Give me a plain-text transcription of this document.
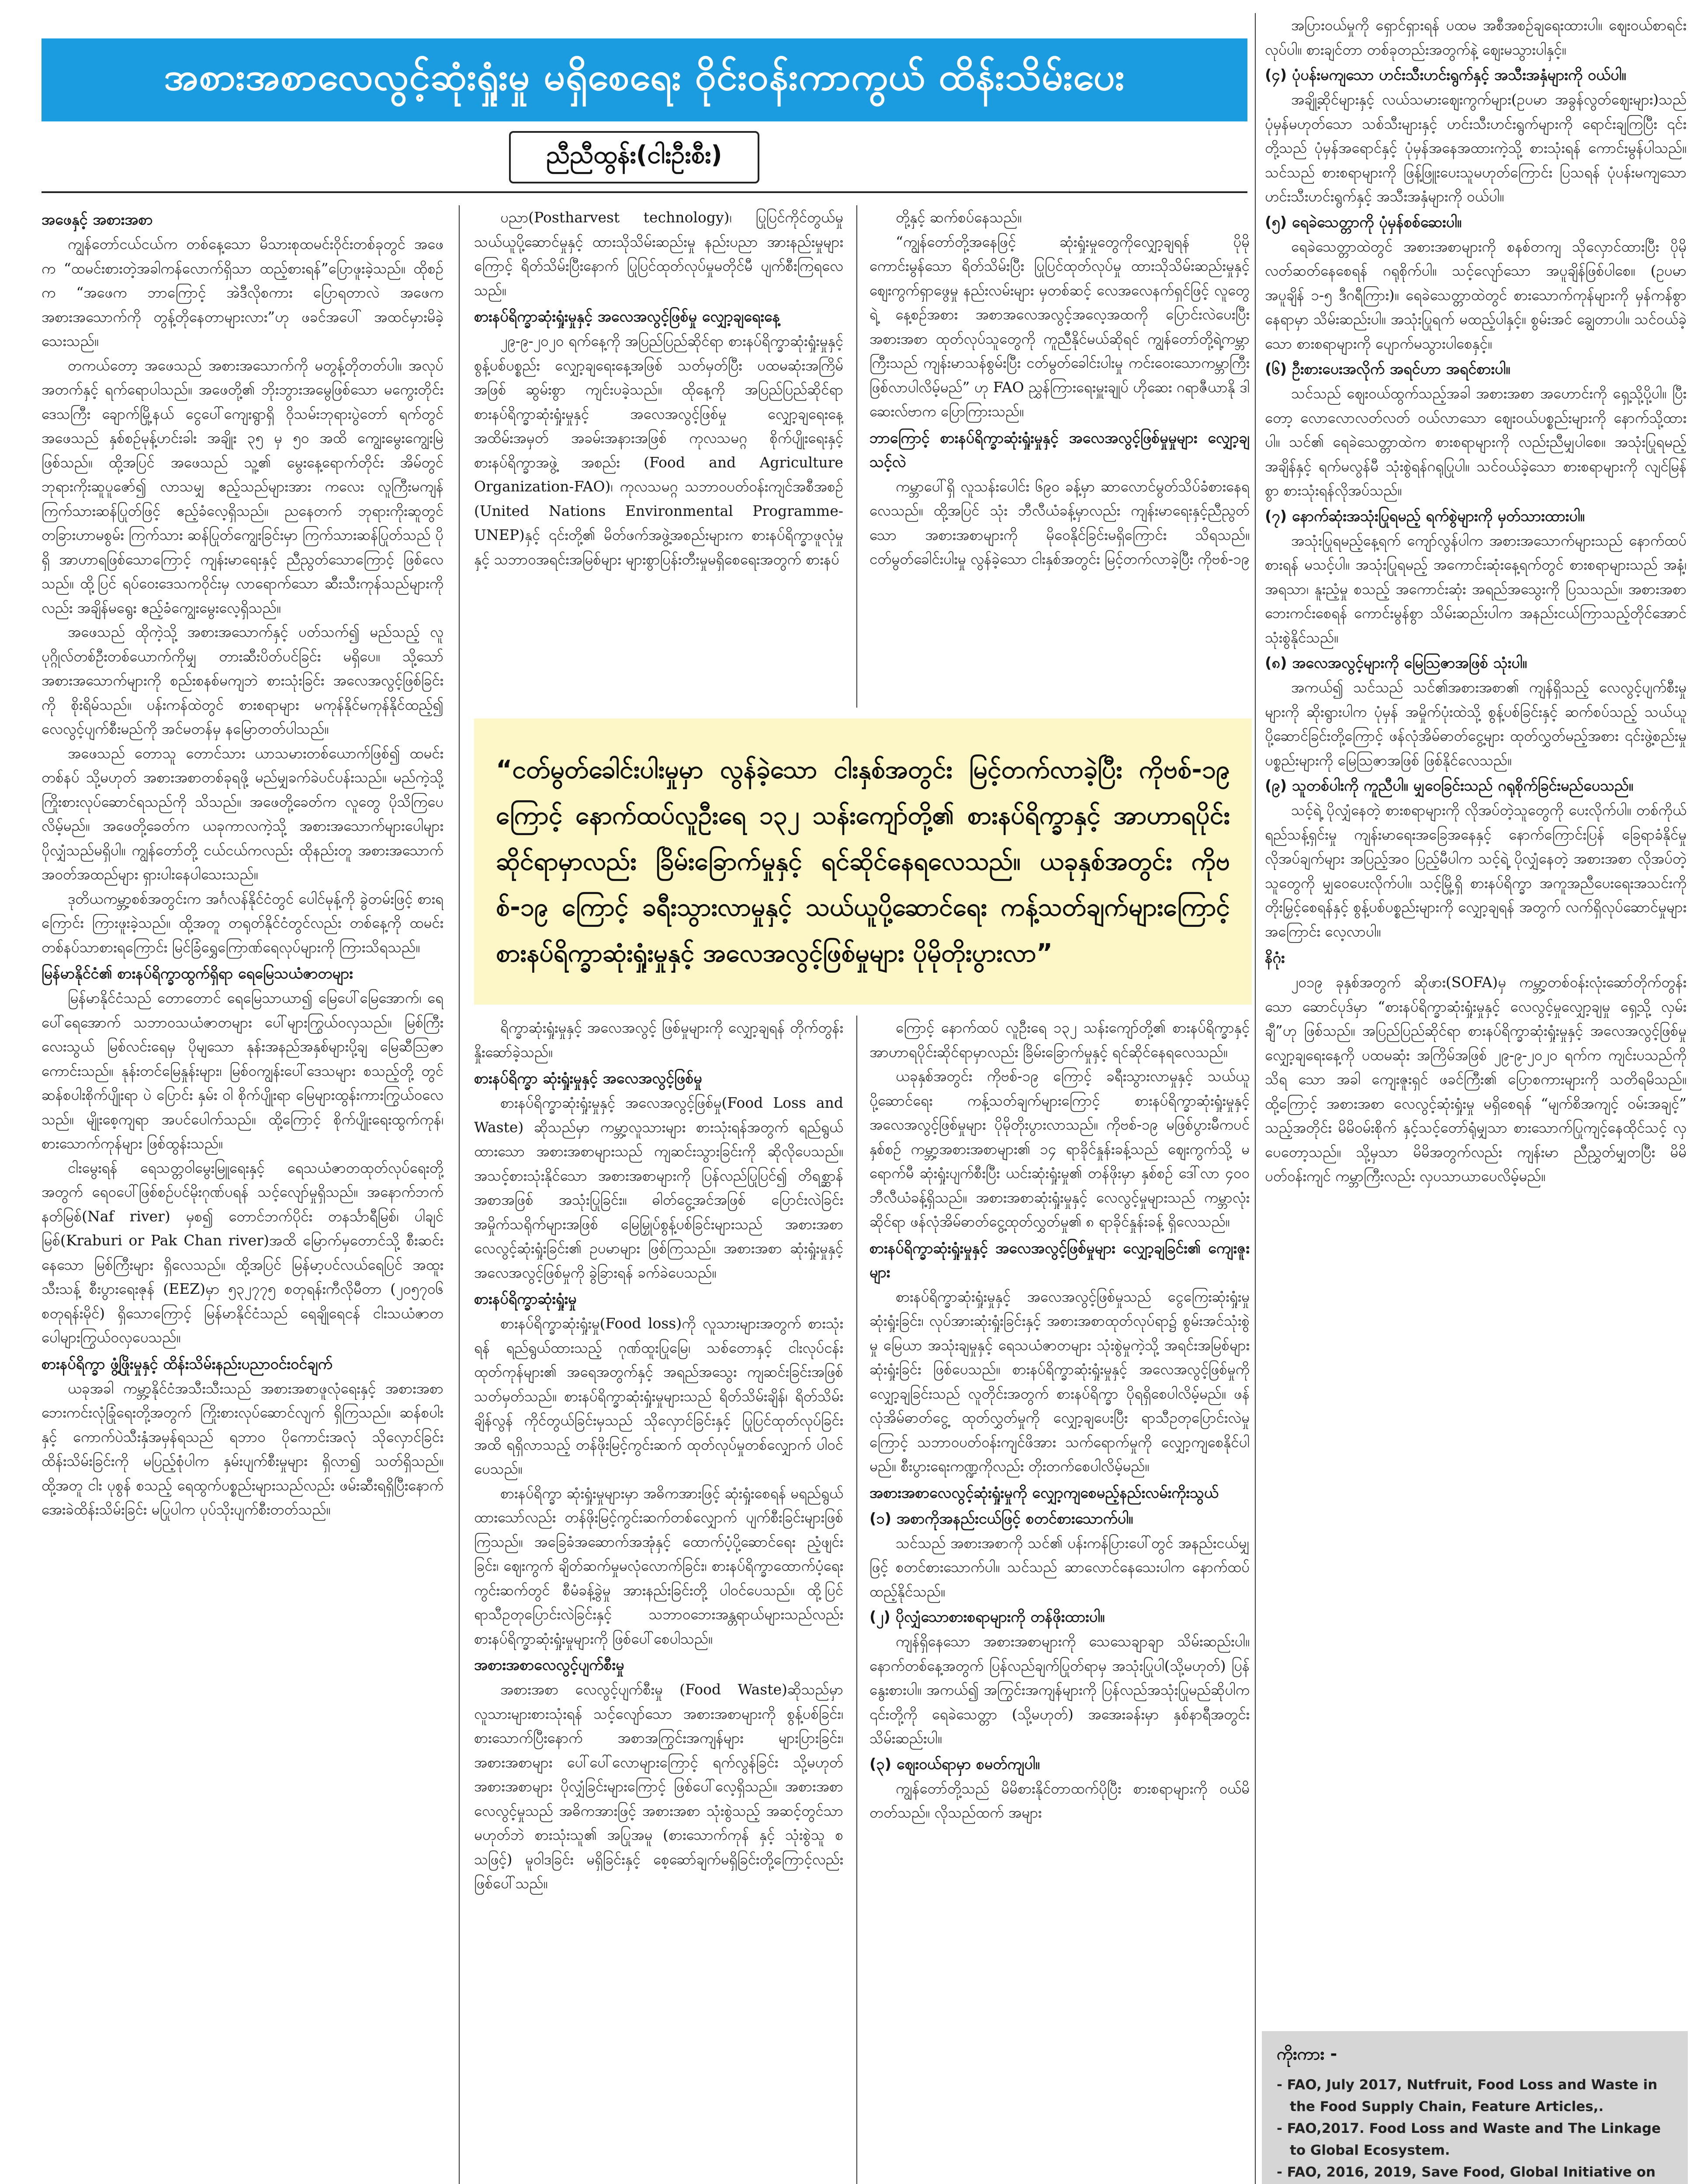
အစားအစာလေလွင့်ဆုံးရှုံးမှု မရှိစေရေး ဝိုင်းဝန်းကာကွယ် ထိန်းသိမ်းပေး
ညီညီထွန်း(ငါးဦးစီး)
အဖေနှင့် အစားအစာ

ကျွန်တော်ငယ်ငယ်က တစ်နေ့သော မိသားစုထမင်းဝိုင်းတစ်ခုတွင် အဖေက “ထမင်းစားတဲ့အခါကန်လောက်ရှိသာ ထည့်စားရန်”ပြောဖူးခဲ့သည်။ ထိုစဉ်က “အဖေက ဘာကြောင့် အဲဒီလိုစကား ပြောရတာလဲ အဖေက အစားအသောက်ကို တွန့်တိုနေတာများလား”ဟု ဖခင်အပေါ် အထင်မှားမိခဲ့သေးသည်။

တကယ်တော့ အဖေသည် အစားအသောက်ကို မတွန့်တိုတတ်ပါ။ အလုပ်အတက်နှင့် ရက်ရောပါသည်။ အဖေတို့၏ ဘိုးဘွားအမွေဖြစ်သော မကွေးတိုင်းဒေသကြီး ချောက်မြို့နယ် ငွေပေါ်ကျေးရွာရှိ ဝိုသမ်းဘုရားပွဲတော် ရက်တွင် အဖေသည် နှစ်စဉ်မုန့်ဟင်းခါး အချိုး ၃၅ မှ ၅၀ အထိ ကျွေးမွေးကျွေးမြဲဖြစ်သည်။ ထို့အပြင် အဖေသည် သူ့၏ မွေးနေ့ရောက်တိုင်း အိမ်တွင် ဘုရားကိုးဆူပူဇော်၍ လာသမျှ ဧည့်သည်များအား ကလေး လူကြီးမကျန် ကြက်သားဆန်ပြုတ်ဖြင့် ဧည့်ခံလေ့ရှိသည်။ ညနေတက် ဘုရားကိုးဆူတွင် တခြားဟာမစွမ်း ကြက်သား ဆန်ပြုတ်ကျွေးခြင်းမှာ ကြက်သားဆန်ပြုတ်သည် ပိုရှိ အာဟာရဖြစ်သောကြောင့် ကျန်းမာရေးနှင့် ညီညွတ်သောကြောင့် ဖြစ်လေသည်။ ထို့ပြင် ရပ်ဝေးဒေသကဝိုင်းမှ လာရောက်သော ဆီးသီးကုန်သည်များကိုလည်း အချိန်မရွေး ဧည့်ခံကျွေးမွေးလေ့ရှိသည်။

အဖေသည် ထိုကဲ့သို့ အစားအသောက်နှင့် ပတ်သက်၍ မည်သည့် လူပုဂ္ဂိုလ်တစ်ဦးတစ်ယောက်ကိုမျှ တားဆီးပိတ်ပင်ခြင်း မရှိပေ။ သို့သော် အစားအသောက်များကို စည်းစနစ်မကျဘဲ စားသုံးခြင်း အလေအလွင့်ဖြစ်ခြင်းကို စိုးရိမ်သည်။ ပန်းကန်ထဲတွင် စားစရာများ မကုန်နိုင်မကုန်နိုင်ထည့်၍ လေလွင့်ပျက်စီးမည်ကို အင်မတန်မှ နမြောတတ်ပါသည်။

အဖေသည် တောသူ တောင်သား ယာသမားတစ်ယောက်ဖြစ်၍ ထမင်းတစ်နပ် သို့မဟုတ် အစားအစာတစ်ခုရဖို့ မည်မျှခက်ခဲပင်ပန်းသည်။ မည်ကဲ့သို့ ကြိုးစားလုပ်ဆောင်ရသည်ကို သိသည်။ အဖေတို့ခေတ်က လူတွေ ပိုသိကြပေလိမ့်မည်။ အဖေတို့ခေတ်က ယခုကာလကဲ့သို့ အစားအသောက်များပေါများ ပိုလျှံသည်မရှိပါ။ ကျွန်တော်တို့ ငယ်ငယ်ကလည်း ထိုနည်းတူ အစားအသောက် အဝတ်အထည်များ ရှားပါးနေပါသေးသည်။

ဒုတိယကမ္ဘာ့စစ်အတွင်းက အင်္ဂလန်နိုင်ငံတွင် ပေါင်မုန့်ကို ခွဲတမ်းဖြင့် စားရကြောင်း ကြားဖူးခဲ့သည်။ ထို့အတူ တရုတ်နိုင်ငံတွင်လည်း တစ်နေ့ကို ထမင်းတစ်နပ်သာစားရကြောင်း မြင်ခြံရွှေကြောဏ်ရေလုပ်များကို ကြားသိရသည်။

မြန်မာနိုင်ငံ၏ စားနပ်ရိက္ခာထွက်ရှိရာ ရေမြေသယံဇာတများ

မြန်မာနိုင်ငံသည် တောတောင် ရေမြေသာယာ၍ မြေပေါ်မြေအောက်၊ ရေပေါ်ရေအောက် သဘာဝသယံဇာတများ ပေါ်များကြွယ်ဝလှသည်။ မြစ်ကြီးလေးသွယ် မြစ်လင်းရေမှ ပိုမျသော နုန်းအနည်အနှစ်များပို့ချ မြေဆီသြဇာ ကောင်းသည်။ နုန်းတင်မြေနှုန်းများ၊ မြစ်ဝကျွန်းပေါ်ဒေသများ စသည့်တို့ တွင် ဆန်စပါးစိုက်ပျိုးရာ ပဲ ပြောင်း နှမ်း ဝါ စိုက်ပျိုးရာ မြေများထွန်းကားကြွယ်ဝလေသည်။ မျိုးစေ့ကျရာ အပင်ပေါက်သည်။ ထို့ကြောင့် စိုက်ပျိုးရေးထွက်ကုန်၊ စားသောက်ကုန်များ ဖြစ်ထွန်းသည်။

ငါးမွေးရန် ရေသတ္တဝါမွေးမြူရေးနှင့် ရေသယံဇာတထုတ်လုပ်ရေးတို့အတွက် ရေဝပေါ်ဖြစ်စဉ်ပင်မိုးဂုဏ်ပရန် သင့်လျော်မှုရှိသည်။ အနောက်ဘက် နတ်မြစ်(Naf river) မှစ၍ တောင်ဘက်ပိုင်း တနင်္သာရီမြစ်၊ ပါချင်မြစ်(Kraburi or Pak Chan river)အထိ မြောက်မှတောင်သို့ စီးဆင်းနေသော မြစ်ကြီးများ ရှိလေသည်။ ထို့အပြင် မြန်မာ့ပင်လယ်ရေပြင် အထူးသီးသန့် စီးပွားရေးဇုန် (EEZ)မှာ ၅၃၂၇၇၅ စတုရန်းကီလိုမီတာ (၂၀၅၇၀၆ စတုရန်းမိုင်) ရှိသောကြောင့် မြန်မာနိုင်ငံသည် ရေချိုရေငန် ငါးသယံဇာတ ပေါများကြွယ်ဝလှပေသည်။

စားနပ်ရိက္ခာ ဖွံ့ဖြိုးမှုနှင့် ထိန်းသိမ်းနည်းပညာဝင်းဝင်ချက်

ယခုအခါ ကမ္ဘာ့နိုင်ငံအသီးသီးသည် အစားအစာဖူလုံရေးနှင့် အစားအစာ ဘေးကင်းလုံခြုံရေးတို့အတွက် ကြိုးစားလုပ်ဆောင်လျက် ရှိကြသည်။ ဆန်စပါးနှင့် ကောက်ပဲသီးနှံအမှန်ရသည် ရဘာဝ ပိုကောင်းအလုံ သိုလှောင်ခြင်း ထိန်းသိမ်းခြင်းကို မပြည့်စုံပါက နှမ်းပျက်စီးမှုများ ရှိလာ၍ သတ်ရှိသည်။ ထို့အတူ ငါး ပုစွန် စသည့် ရေထွက်ပစ္စည်းများသည်လည်း ဖမ်းဆီးရရှိပြီးနောက် အေးခဲထိန်းသိမ်းခြင်း မပြုပါက ပုပ်သိုးပျက်စီးတတ်သည်။

ပညာ(Postharvest technology)၊ ပြုပြင်ကိုင်တွယ်မှု သယ်ယူပို့ဆောင်မှုနှင့် ထားသိုသိမ်းဆည်းမှု နည်းပညာ အားနည်းမှုများကြောင့် ရိတ်သိမ်းပြီးနောက် ပြုပြင်ထုတ်လုပ်မှုမတိုင်မီ ပျက်စီးကြရလေသည်။

စားနပ်ရိက္ခာဆုံးရှုံးမှုနှင့် အလေအလွင့်ဖြစ်မှု လျှော့ချရေးနေ့

၂၉-၉-၂၀၂၀ ရက်နေ့ကို အပြည်ပြည်ဆိုင်ရာ စားနပ်ရိက္ခာဆုံးရှုံးမှုနှင့် စွန့်ပစ်ပစ္စည်း လျှော့ချရေးနေ့အဖြစ် သတ်မှတ်ပြီး ပထမဆုံးအကြိမ်အဖြစ် ဆွမ်းစွာ ကျင်းပခဲ့သည်။ ထိုနေ့ကို အပြည်ပြည်ဆိုင်ရာ စားနပ်ရိက္ခာဆုံးရှုံးမှုနှင့် အလေအလွင့်ဖြစ်မှု လျှော့ချရေးနေ့ အထိမ်းအမှတ် အခမ်းအနားအဖြစ် ကုလသမဂ္ဂ စိုက်ပျိုးရေးနှင့် စားနပ်ရိက္ခာအဖွဲ့ အစည်း (Food and Agriculture Organization-FAO)၊ ကုလသမဂ္ဂ သဘာဝပတ်ဝန်းကျင်အစီအစဉ် (United Nations Environmental Programme-UNEP)နှင့် ၎င်းတို့၏ မိတ်ဖက်အဖွဲ့အစည်းများက စားနပ်ရိက္ခာဖူလုံမှုနှင့် သဘာဝအရင်းအမြစ်များ များစွာပြန်းတီးမှုမရှိစေရေးအတွက် စားနပ်

တို့နှင့် ဆက်စပ်နေသည်။

“ကျွန်တော်တို့အနေဖြင့် ဆုံးရှုံးမှုတွေကိုလျှော့ချရန် ပိုမိုကောင်းမွန်သော ရိတ်သိမ်းပြီး ပြုပြင်ထုတ်လုပ်မှု ထားသိုသိမ်းဆည်းမှုနှင့် စျေးကွက်ရှာဖွေမှု နည်းလမ်းများ မှတစ်ဆင့် လေအလေနက်ရှင်ဖြင့် လူတွေရဲ့ နေ့စဉ်အစား အစာအလေအလွင့်အလေ့အထကို ပြောင်းလဲပေးပြီး အစားအစာ ထုတ်လုပ်သူတွေကို ကူညီနိုင်မယ်ဆိုရင် ကျွန်တော်တို့ရဲ့ကမ္ဘာကြီးသည် ကျန်းမာသန်စွမ်းပြီး ငတ်မွတ်ခေါင်းပါးမှု ကင်းဝေးသောကမ္ဘာကြီး ဖြစ်လာပါလိမ့်မည်” ဟု FAO ညွှန်ကြားရေးမှူးချုပ် ဟိုဆေး ဂရာဇီယာနို ဒါဆေးလ်ဗာက ပြောကြားသည်။

ဘာကြောင့် စားနပ်ရိက္ခာဆုံးရှုံးမှုနှင့် အလေအလွင့်ဖြစ်မှုမှုများ လျှော့ချသင့်လဲ

ကမ္ဘာပေါ်ရှိ လူသန်းပေါင်း ၆၉၀ ခန့်မှာ ဆာလောင်မွတ်သိပ်ခံစားနေရလေသည်။ ထို့အပြင် သုံး ဘီလီယံခန့်မှာလည်း ကျန်းမာရေးနှင့်ညီညွတ်သော အစားအစာများကို မိုဝေနိုင်ခြင်းမရှိကြောင်း သိရသည်။ ငတ်မွတ်ခေါင်းပါးမှု လွန်ခဲ့သော ငါးနှစ်အတွင်း မြင့်တက်လာခဲ့ပြီး ကိုဗစ်-၁၉

“ငတ်မွတ်ခေါင်းပါးမှုမှာ လွန်ခဲ့သော ငါးနှစ်အတွင်း မြင့်တက်လာခဲ့ပြီး ကိုဗစ်-၁၉ ကြောင့် နောက်ထပ်လူဦးရေ ၁၃၂ သန်းကျော်တို့၏ စားနပ်ရိက္ခာနှင့် အာဟာရပိုင်းဆိုင်ရာမှာလည်း ခြိမ်းခြောက်မှုနှင့် ရင်ဆိုင်နေရလေသည်။ ယခုနှစ်အတွင်း ကိုဗစ်-၁၉ ကြောင့် ခရီးသွားလာမှုနှင့် သယ်ယူပို့ဆောင်ရေး ကန့်သတ်ချက်များကြောင့် စားနပ်ရိက္ခာဆုံးရှုံးမှုနှင့် အလေအလွင့်ဖြစ်မှုများ ပိုမိုတိုးပွားလာ”

ရိက္ခာဆုံးရှုံးမှုနှင့် အလေအလွင့် ဖြစ်မှုများကို လျှော့ချရန် တိုက်တွန်းနှိုးဆော်ခဲ့သည်။

စားနပ်ရိက္ခာ ဆုံးရှုံးမှုနှင့် အလေအလွင့်ဖြစ်မှု

စားနပ်ရိက္ခာဆုံးရှုံးမှုနှင့် အလေအလွင့်ဖြစ်မှု(Food Loss and Waste) ဆိုသည်မှာ ကမ္ဘာ့လူသားများ စားသုံးရန်အတွက် ရည်ရွယ်ထားသော အစားအစာများသည် ကျဆင်းသွားခြင်းကို ဆိုလိုပေသည်။ အသင့်စားသုံးနိုင်သော အစားအစာများကို ပြန်လည်ပြုပြင်၍ တိရစ္ဆာန်အစာအဖြစ် အသုံးပြုခြင်း။ ဓါတ်ငွေ့အင်အဖြစ် ပြောင်းလဲခြင်း အမှိုက်သရိုက်များအဖြစ် မြေမြှုပ်စွန့်ပစ်ခြင်းများသည် အစားအစာလေလွင့်ဆုံးရှုံးခြင်း၏ ဥပမာများ ဖြစ်ကြသည်။ အစားအစာ ဆုံးရှုံးမှုနှင့် အလေအလွင့်ဖြစ်မှုကို ခွဲခြားရန် ခက်ခဲပေသည်။

စားနပ်ရိက္ခာဆုံးရှုံးမှု

စားနပ်ရိက္ခာဆုံးရှုံးမှု(Food loss)ကို လူသားများအတွက် စားသုံးရန် ရည်ရွယ်ထားသည့် ဂုဏ်ထူးပြုမြေ၊ သစ်တောနှင့် ငါးလုပ်ငန်းထုတ်ကုန်များ၏ အရေအတွက်နှင့် အရည်အသွေး ကျဆင်းခြင်းအဖြစ် သတ်မှတ်သည်။ စားနပ်ရိက္ခာဆုံးရှုံးမှုများသည် ရိတ်သိမ်းချိန်၊ ရိတ်သိမ်းချိန်လွန် ကိုင်တွယ်ခြင်းမှသည် သိုလှောင်ခြင်းနှင့် ပြုပြင်ထုတ်လုပ်ခြင်းအထိ ရရှိလာသည့် တန်ဖိုးမြင့်ကွင်းဆက် ထုတ်လုပ်မှုတစ်လျှောက် ပါဝင်ပေသည်။

စားနပ်ရိက္ခာ ဆုံးရှုံးမှုများမှာ အဓိကအားဖြင့် ဆုံးရှုံးစေရန် မရည်ရွယ်ထားသော်လည်း တန်ဖိုးမြင့်ကွင်းဆက်တစ်လျှောက် ပျက်စီးခြင်းများဖြစ်ကြသည်။ အခြေခံအဆောက်အအုံနှင့် ထောက်ပံ့ပို့ဆောင်ရေး ညံ့ဖျင်းခြင်း၊ ဈေးကွက် ချိတ်ဆက်မှုမလုံလောက်ခြင်း၊ စားနပ်ရိက္ခာထောက်ပံ့ရေးကွင်းဆက်တွင် စီမံခန့်ခွဲမှု အားနည်းခြင်းတို့ ပါဝင်ပေသည်။ ထို့ပြင် ရာသီဥတုပြောင်းလဲခြင်းနှင့် သဘာဝဘေးအန္တရာယ်များသည်လည်း စားနပ်ရိက္ခာဆုံးရှုံးမှုများကို ဖြစ်ပေါ်စေပါသည်။

အစားအစာလေလွင့်ပျက်စီးမှု

အစားအစာ လေလွင့်ပျက်စီးမှု (Food Waste)ဆိုသည်မှာ လူသားများစားသုံးရန် သင့်လျော်သော အစားအစာများကို စွန့်ပစ်ခြင်း၊ စားသောက်ပြီးနောက် အစာအကြွင်းအကျန်များ များပြားခြင်း၊ အစားအစာများ ပေါ်ပေါ်လောများကြောင့် ရက်လွန်ခြင်း သို့မဟုတ် အစားအစာများ ပိုလျှံခြင်းများကြောင့် ဖြစ်ပေါ်လေ့ရှိသည်။ အစားအစာ လေလွင့်မှုသည် အဓိကအားဖြင့် အစားအစာ သုံးစွဲသည့် အဆင့်တွင်သာမဟုတ်ဘဲ စားသုံးသူ၏ အပြုအမူ (စားသောက်ကုန် နှင့် သုံးစွဲသူ စသဖြင့်) မူဝါဒခြင်း မရှိခြင်းနှင့် စေ့ဆော်ချက်မရှိခြင်းတို့ကြောင့်လည်း ဖြစ်ပေါ်သည်။

ကြောင့် နောက်ထပ် လူဦးရေ ၁၃၂ သန်းကျော်တို့၏ စားနပ်ရိက္ခာနှင့် အာဟာရပိုင်းဆိုင်ရာမှာလည်း ခြိမ်းခြောက်မှုနှင့် ရင်ဆိုင်နေရလေသည်။

ယခုနှစ်အတွင်း ကိုဗစ်-၁၉ ကြောင့် ခရီးသွားလာမှုနှင့် သယ်ယူပို့ဆောင်ရေး ကန့်သတ်ချက်များကြောင့် စားနပ်ရိက္ခာဆုံးရှုံးမှုနှင့် အလေအလွင့်ဖြစ်မှုများ ပိုမိုတိုးပွားလာသည်။ ကိုဗစ်-၁၉ မဖြစ်ပွားမီကပင် နှစ်စဉ် ကမ္ဘာ့အစားအစာများ၏ ၁၄ ရာခိုင်နှုန်းခန့်သည် ဈေးကွက်သို့ မရောက်မီ ဆုံးရှုံးပျက်စီးပြီး ယင်းဆုံးရှုံးမှု၏ တန်ဖိုးမှာ နှစ်စဉ် ဒေါ်လာ ၄၀၀ ဘီလီယံခန့်ရှိသည်။ အစားအစာဆုံးရှုံးမှုနှင့် လေလွင့်မှုများသည် ကမ္ဘာလုံးဆိုင်ရာ ဖန်လုံအိမ်ဓာတ်ငွေ့ထုတ်လွှတ်မှု၏ ၈ ရာခိုင်နှုန်းခန့် ရှိလေသည်။

စားနပ်ရိက္ခာဆုံးရှုံးမှုနှင့် အလေအလွင့်ဖြစ်မှုများ လျှော့ချခြင်း၏ ကျေးဇူးများ

စားနပ်ရိက္ခာဆုံးရှုံးမှုနှင့် အလေအလွင့်ဖြစ်မှုသည် ငွေကြေးဆုံးရှုံးမှု ဆုံးရှုံးခြင်း၊ လုပ်အားဆုံးရှုံးခြင်းနှင့် အစားအစာထုတ်လုပ်ရာ၌ စွမ်းအင်သုံးစွဲမှု မြေယာ အသုံးချမှုနှင့် ရေသယံဇာတများ သုံးစွဲမှုကဲ့သို့ အရင်းအမြစ်များ ဆုံးရှုံးခြင်း ဖြစ်ပေသည်။ စားနပ်ရိက္ခာဆုံးရှုံးမှုနှင့် အလေအလွင့်ဖြစ်မှုကို လျှော့ချခြင်းသည် လူတိုင်းအတွက် စားနပ်ရိက္ခာ ပိုရရှိစေပါလိမ့်မည်။ ဖန်လုံအိမ်ဓာတ်ငွေ့ ထုတ်လွှတ်မှုကို လျှော့ချပေးပြီး ရာသီဥတုပြောင်းလဲမှုကြောင့် သဘာဝပတ်ဝန်းကျင်ဖိအား သက်ရောက်မှုကို လျှော့ကျစေနိုင်ပါမည်။ စီးပွားရေးကဏ္ဍကိုလည်း တိုးတက်စေပါလိမ့်မည်။

အစားအစာလေလွင့်ဆုံးရှုံးမှုကို လျှော့ကျစေမည့်နည်းလမ်းကိုးသွယ်
(၁) အစာကိုအနည်းငယ်ဖြင့် စတင်စားသောက်ပါ။

သင်သည် အစားအစာကို သင်၏ ပန်းကန်ပြားပေါ်တွင် အနည်းငယ်မျှဖြင့် စတင်စားသောက်ပါ။ သင်သည် ဆာလောင်နေသေးပါက နောက်ထပ်ထည့်နိုင်သည်။

(၂) ပိုလျှံသောစားစရာများကို တန်ဖိုးထားပါ။

ကျန်ရှိနေသော အစားအစာများကို သေသေချာချာ သိမ်းဆည်းပါ။ နောက်တစ်နေ့အတွက် ပြန်လည်ချက်ပြုတ်ရာမှ အသုံးပြုပါ(သို့မဟုတ်) ပြန်နွေးစားပါ။ အကယ်၍ အကြွင်းအကျန်များကို ပြန်လည်အသုံးပြုမည်ဆိုပါက ၎င်းတို့ကို ရေခဲသေတ္တာ (သို့မဟုတ်) အအေးခန်းမှာ နှစ်နာရီအတွင်း သိမ်းဆည်းပါ။

(၃) ဈေးဝယ်ရာမှာ စမတ်ကျပါ။

ကျွန်တော်တို့သည် မိမိစားနိုင်တာထက်ပိုပြီး စားစရာများကို ဝယ်မိတတ်သည်။ လိုသည်ထက် အများ

အပြားဝယ်မှုကို ရှောင်ရှားရန် ပထမ အစီအစဉ်ချရေးထားပါ။ ဈေးဝယ်စာရင်းလုပ်ပါ။ စားချင်တာ တစ်ခုတည်းအတွက်နဲ့ ဈေးမသွားပါနှင့်။

(၄) ပုံပန်းမကျသော ဟင်းသီးဟင်းရွက်နှင့် အသီးအနှံများကို ဝယ်ပါ။

အချို့ဆိုင်များနှင့် လယ်သမားဈေးကွက်များ(ဥပမာ အခွန်လွတ်ဈေးများ)သည် ပုံမှန်မဟုတ်သော သစ်သီးများနှင့် ဟင်းသီးဟင်းရွက်များကို ရောင်းချကြပြီး ၎င်းတို့သည် ပုံမှန်အရောင်နှင့် ပုံမှန်အနေအထားကဲ့သို့ စားသုံးရန် ကောင်းမွန်ပါသည်။ သင်သည် စားစရာများကို ဖြန့်ဖြူးပေးသူမဟုတ်ကြောင်း ပြသရန် ပုံပန်းမကျသော ဟင်းသီးဟင်းရွက်နှင့် အသီးအနှံများကို ဝယ်ပါ။

(၅) ရေခဲသေတ္တာကို ပုံမှန်စစ်ဆေးပါ။

ရေခဲသေတ္တာထဲတွင် အစားအစာများကို စနစ်တကျ သိုလှောင်ထားပြီး ပိုမိုလတ်ဆတ်နေစေရန် ဂရုစိုက်ပါ။ သင့်လျော်သော အပူချိန်ဖြစ်ပါစေ။ (ဥပမာ အပူချိန် ၁-၅ ဒီဂရီကြား)။ ရေခဲသေတ္တာထဲတွင် စားသောက်ကုန်များကို မှန်ကန်စွာနေရာမှာ သိမ်းဆည်းပါ။ အသုံးပြုရက် မထည့်ပါနှင့်။ စွမ်းအင် ချွေတာပါ။ သင်ဝယ်ခဲ့သော စားစရာများကို ပျောက်မသွားပါစေနှင့်။

(၆) ဦးစားပေးအလိုက် အရင်ဟာ အရင်စားပါ။

သင်သည် ဈေးဝယ်ထွက်သည့်အခါ အစားအစာ အဟောင်းကို ရှေ့သို့ပို့ပါ။ ပြီးတော့ လောလောလတ်လတ် ဝယ်လာသော ဈေးဝယ်ပစ္စည်းများကို နောက်သို့ထားပါ။ သင်၏ ရေခဲသေတ္တာထဲက စားစရာများကို လည်းညီမျှပါစေ။ အသုံးပြုရမည့်အချိန်နှင့် ရက်မလွန်မီ သုံးစွဲရန်ဂရုပြုပါ။ သင်ဝယ်ခဲ့သော စားစရာများကို လျင်မြန်စွာ စားသုံးရန်လိုအပ်သည်။

(၇) နောက်ဆုံးအသုံးပြုရမည့် ရက်စွဲများကို မှတ်သားထားပါ။

အသုံးပြုရမည့်နေ့ရက် ကျော်လွန်ပါက အစားအသောက်များသည် နောက်ထပ်စားရန် မသင့်ပါ။ အသုံးပြုရမည့် အကောင်းဆုံးနေ့ရက်တွင် စားစရာများသည် အနံ့၊ အရသာ၊ နူးညံ့မှု စသည့် အကောင်းဆုံး အရည်အသွေးကို ပြသသည်။ အစားအစာ ဘေးကင်းစေရန် ကောင်းမွန်စွာ သိမ်းဆည်းပါက အနည်းငယ်ကြာသည့်တိုင်အောင် သုံးစွဲနိုင်သည်။

(၈) အလေအလွင့်များကို မြေဩဇာအဖြစ် သုံးပါ။

အကယ်၍ သင်သည် သင်၏အစားအစာ၏ ကျန်ရှိသည့် လေလွင့်ပျက်စီးမှု များကို ဆိုးရွားပါက ပုံမှန် အမှိုက်ပုံးထဲသို့ စွန့်ပစ်ခြင်းနှင့် ဆက်စပ်သည့် သယ်ယူပို့ဆောင်ခြင်းတို့ကြောင့် ဖန်လုံအိမ်ဓာတ်ငွေ့များ ထုတ်လွှတ်မည့်အစား ၎င်းဖွဲ့စည်းမှုပစ္စည်းများကို မြေဩဇာအဖြစ် ဖြစ်နိုင်လေသည်။

(၉) သူတစ်ပါးကို ကူညီပါ။ မျှဝေခြင်းသည် ဂရုစိုက်ခြင်းမည်ပေသည်။

သင့်ရဲ့ ပိုလျှံနေတဲ့ စားစရာများကို လိုအပ်တဲ့သူတွေကို ပေးလိုက်ပါ။ တစ်ကိုယ်ရည်သန့်ရှင်းမှု ကျန်းမာရေးအခြေအနေနှင့် နောက်ကြောင်းပြန် ခြေရာခံနိုင်မှုလိုအပ်ချက်များ အပြည့်အဝ ပြည့်မီပါက သင့်ရဲ့ ပိုလျှံနေတဲ့ အစားအစာ လိုအပ်တဲ့သူတွေကို မျှဝေပေးလိုက်ပါ။ သင့်မြို့ရှိ စားနပ်ရိက္ခာ အကူအညီပေးရေးအသင်းကိုတိုးမြှင့်စေရန်နှင့် စွန့်ပစ်ပစ္စည်းများကို လျှော့ချရန် အတွက် လက်ရှိလုပ်ဆောင်မှုများ အကြောင်း လေ့လာပါ။

နိဂုံး

၂၀၁၉ ခုနှစ်အတွက် ဆိုဖား(SOFA)မှ ကမ္ဘာ့တစ်ဝန်းလုံးဆော်တိုက်တွန်းသော ဆောင်ပုဒ်မှာ “စားနပ်ရိက္ခာဆုံးရှုံးမှုနှင့် လေလွင့်မှုလျှော့ချမှု ရှေ့သို့ လှမ်းချီ”ဟု ဖြစ်သည်။ အပြည်ပြည်ဆိုင်ရာ စားနပ်ရိက္ခာဆုံးရှုံးမှုနှင့် အလေအလွင့်ဖြစ်မှု လျှော့ချရေးနေ့ကို ပထမဆုံး အကြိမ်အဖြစ် ၂၉-၉-၂၀၂၀ ရက်က ကျင်းပသည်ကို သိရ သော အခါ ကျေးဇူးရှင် ဖခင်ကြီး၏ ပြောစကားများကို သတိရမိသည်။ ထို့ကြောင့် အစားအစာ လေလွင့်ဆုံးရှုံးမှု မရှိစေရန် “မျက်စိအကျင့် ဝမ်းအချင့်” သည့်အတိုင်း မိမိဝမ်းစိုက် နှင့်သင့်တော်ရုံမျှသာ စားသောက်ပြုကျင့်နေထိုင်သင့် လှပေတော့သည်။ သို့မှသာ မိမိအတွက်လည်း ကျန်းမာ ညီညွှတ်မျှတပြီး မိမိပတ်ဝန်းကျင် ကမ္ဘာကြီးလည်း လှပသာယာပေလိမ့်မည်။

ကိုးကား -
- FAO, July 2017, Nutfruit, Food Loss and Waste in the Food Supply Chain, Feature Articles,.
- FAO,2017. Food Loss and Waste and The Linkage to Global Ecosystem.
- FAO, 2016, 2019, Save Food, Global Initiative on
